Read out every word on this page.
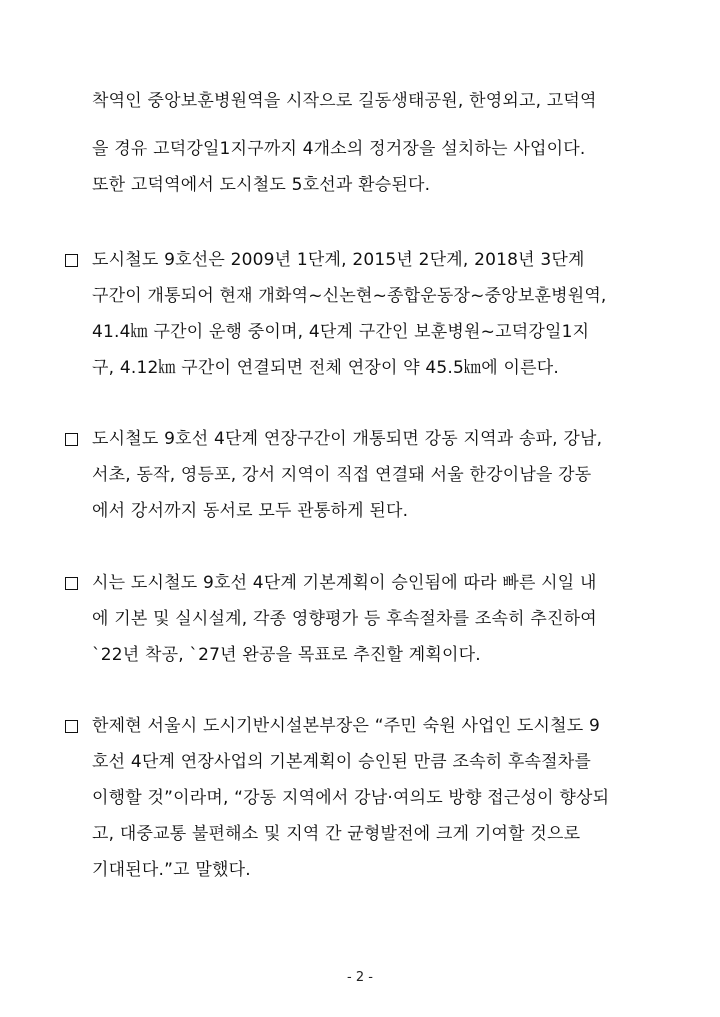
착역인 중앙보훈병원역을 시작으로 길동생태공원, 한영외고, 고덕역
을 경유 고덕강일1지구까지 4개소의 정거장을 설치하는 사업이다.
또한 고덕역에서 도시철도 5호선과 환승된다.
도시철도 9호선은 2009년 1단계, 2015년 2단계, 2018년 3단계
구간이 개통되어 현재 개화역~신논현~종합운동장~중앙보훈병원역,
41.4㎞ 구간이 운행 중이며, 4단계 구간인 보훈병원~고덕강일1지
구, 4.12㎞ 구간이 연결되면 전체 연장이 약 45.5㎞에 이른다.
도시철도 9호선 4단계 연장구간이 개통되면 강동 지역과 송파, 강남,
서초, 동작, 영등포, 강서 지역이 직접 연결돼 서울 한강이남을 강동
에서 강서까지 동서로 모두 관통하게 된다.
시는 도시철도 9호선 4단계 기본계획이 승인됨에 따라 빠른 시일 내
에 기본 및 실시설계, 각종 영향평가 등 후속절차를 조속히 추진하여
`22년 착공, `27년 완공을 목표로 추진할 계획이다.
한제현 서울시 도시기반시설본부장은 “주민 숙원 사업인 도시철도 9
호선 4단계 연장사업의 기본계획이 승인된 만큼 조속히 후속절차를
이행할 것”이라며, “강동 지역에서 강남·여의도 방향 접근성이 향상되
고, 대중교통 불편해소 및 지역 간 균형발전에 크게 기여할 것으로
기대된다.”고 말했다.
- 2 -
